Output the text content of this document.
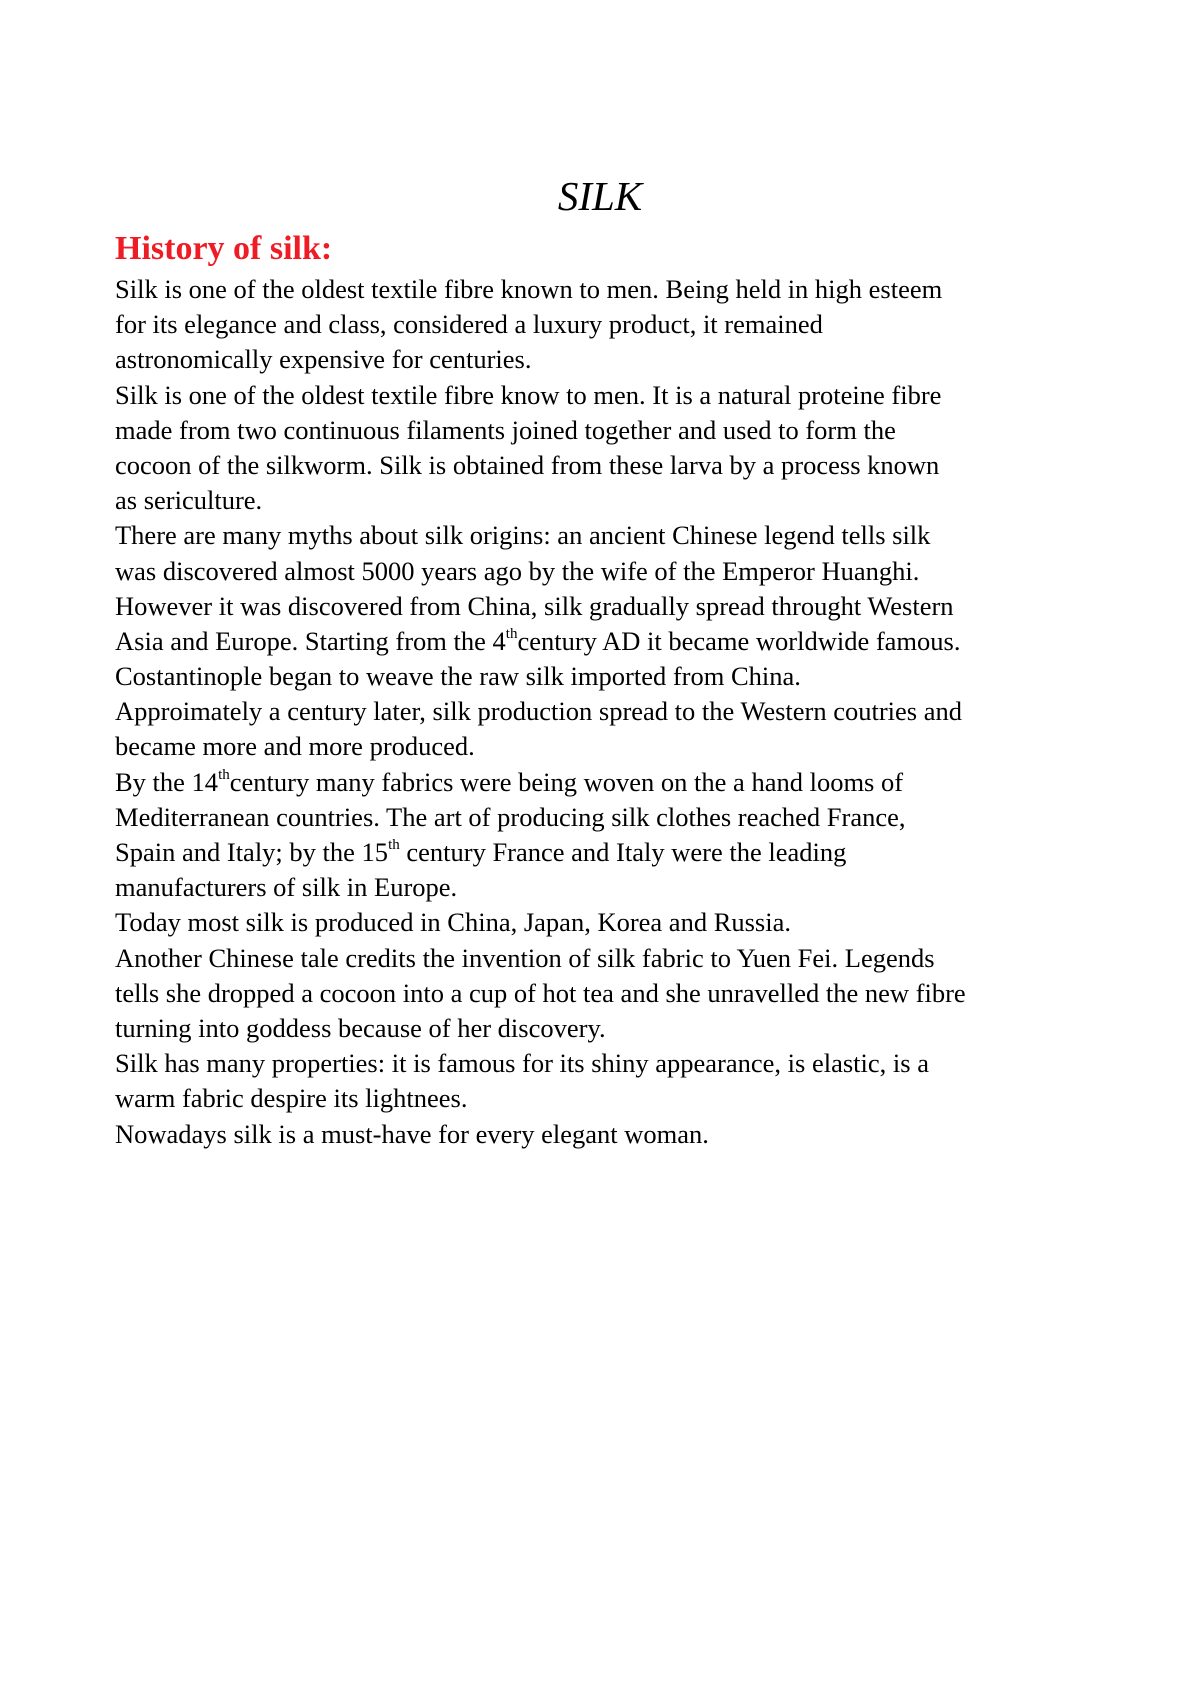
SILK
History of silk:
Silk is one of the oldest textile fibre known to men. Being held in high esteem
for its elegance and class, considered a luxury product, it remained
astronomically expensive for centuries.
Silk is one of the oldest textile fibre know to men. It is a natural proteine fibre
made from two continuous filaments joined together and used to form the
cocoon of the silkworm. Silk is obtained from these larva by a process known
as sericulture.
There are many myths about silk origins: an ancient Chinese legend tells silk
was discovered almost 5000 years ago by the wife of the Emperor Huanghi.
However it was discovered from China, silk gradually spread throught Western
Asia and Europe. Starting from the 4thcentury AD it became worldwide famous.
Costantinople began to weave the raw silk imported from China.
Approimately a century later, silk production spread to the Western coutries and
became more and more produced.
By the 14thcentury many fabrics were being woven on the a hand looms of
Mediterranean countries. The art of producing silk clothes reached France,
Spain and Italy; by the 15th century France and Italy were the leading
manufacturers of silk in Europe.
Today most silk is produced in China, Japan, Korea and Russia.
Another Chinese tale credits the invention of silk fabric to Yuen Fei. Legends
tells she dropped a cocoon into a cup of hot tea and she unravelled the new fibre
turning into goddess because of her discovery.
Silk has many properties: it is famous for its shiny appearance, is elastic, is a
warm fabric despire its lightnees.
Nowadays silk is a must-have for every elegant woman.
